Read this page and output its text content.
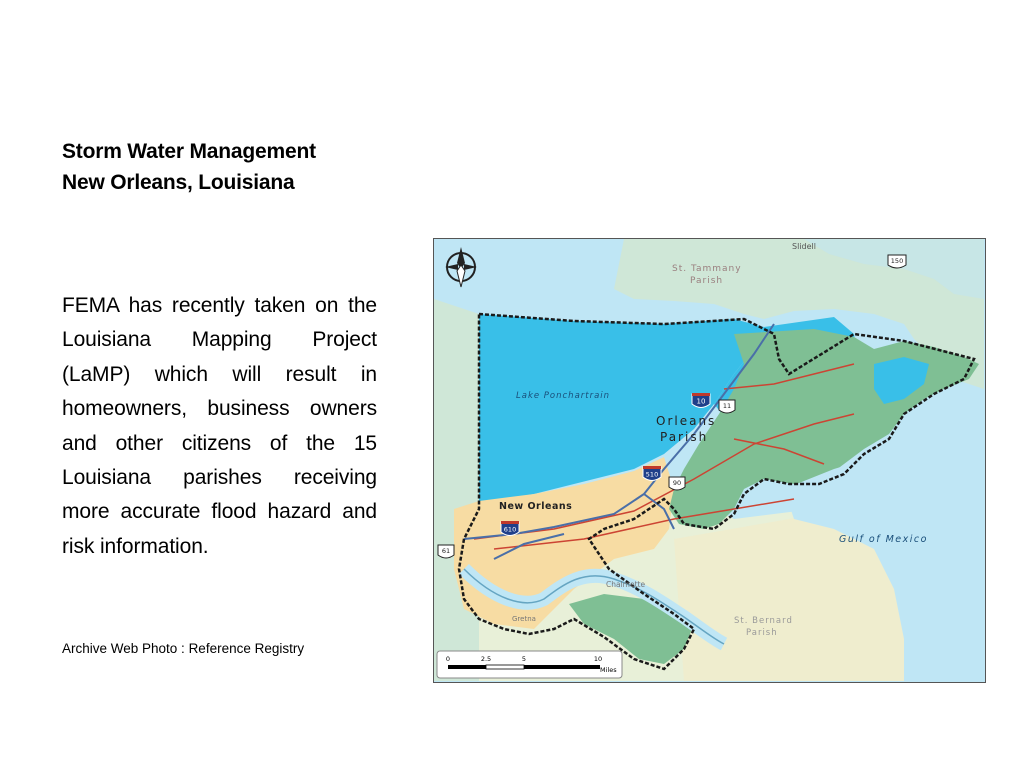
Storm Water Management
New Orleans, Louisiana
FEMA has recently taken on the Louisiana Mapping Project (LaMP) which will result in homeowners, business owners and other citizens of the 15 Louisiana parishes receiving more accurate flood hazard and risk information.
Archive Web Photo : Reference Registry
Slidell
St. Tammany
Parish
Lake Ponchartrain
Orleans
Parish
New Orleans
Gulf of Mexico
Chalmette
Gretna	St. Bernard
Parish
10
11
510
90
610
150
61
0	2.5	5	10
Miles
